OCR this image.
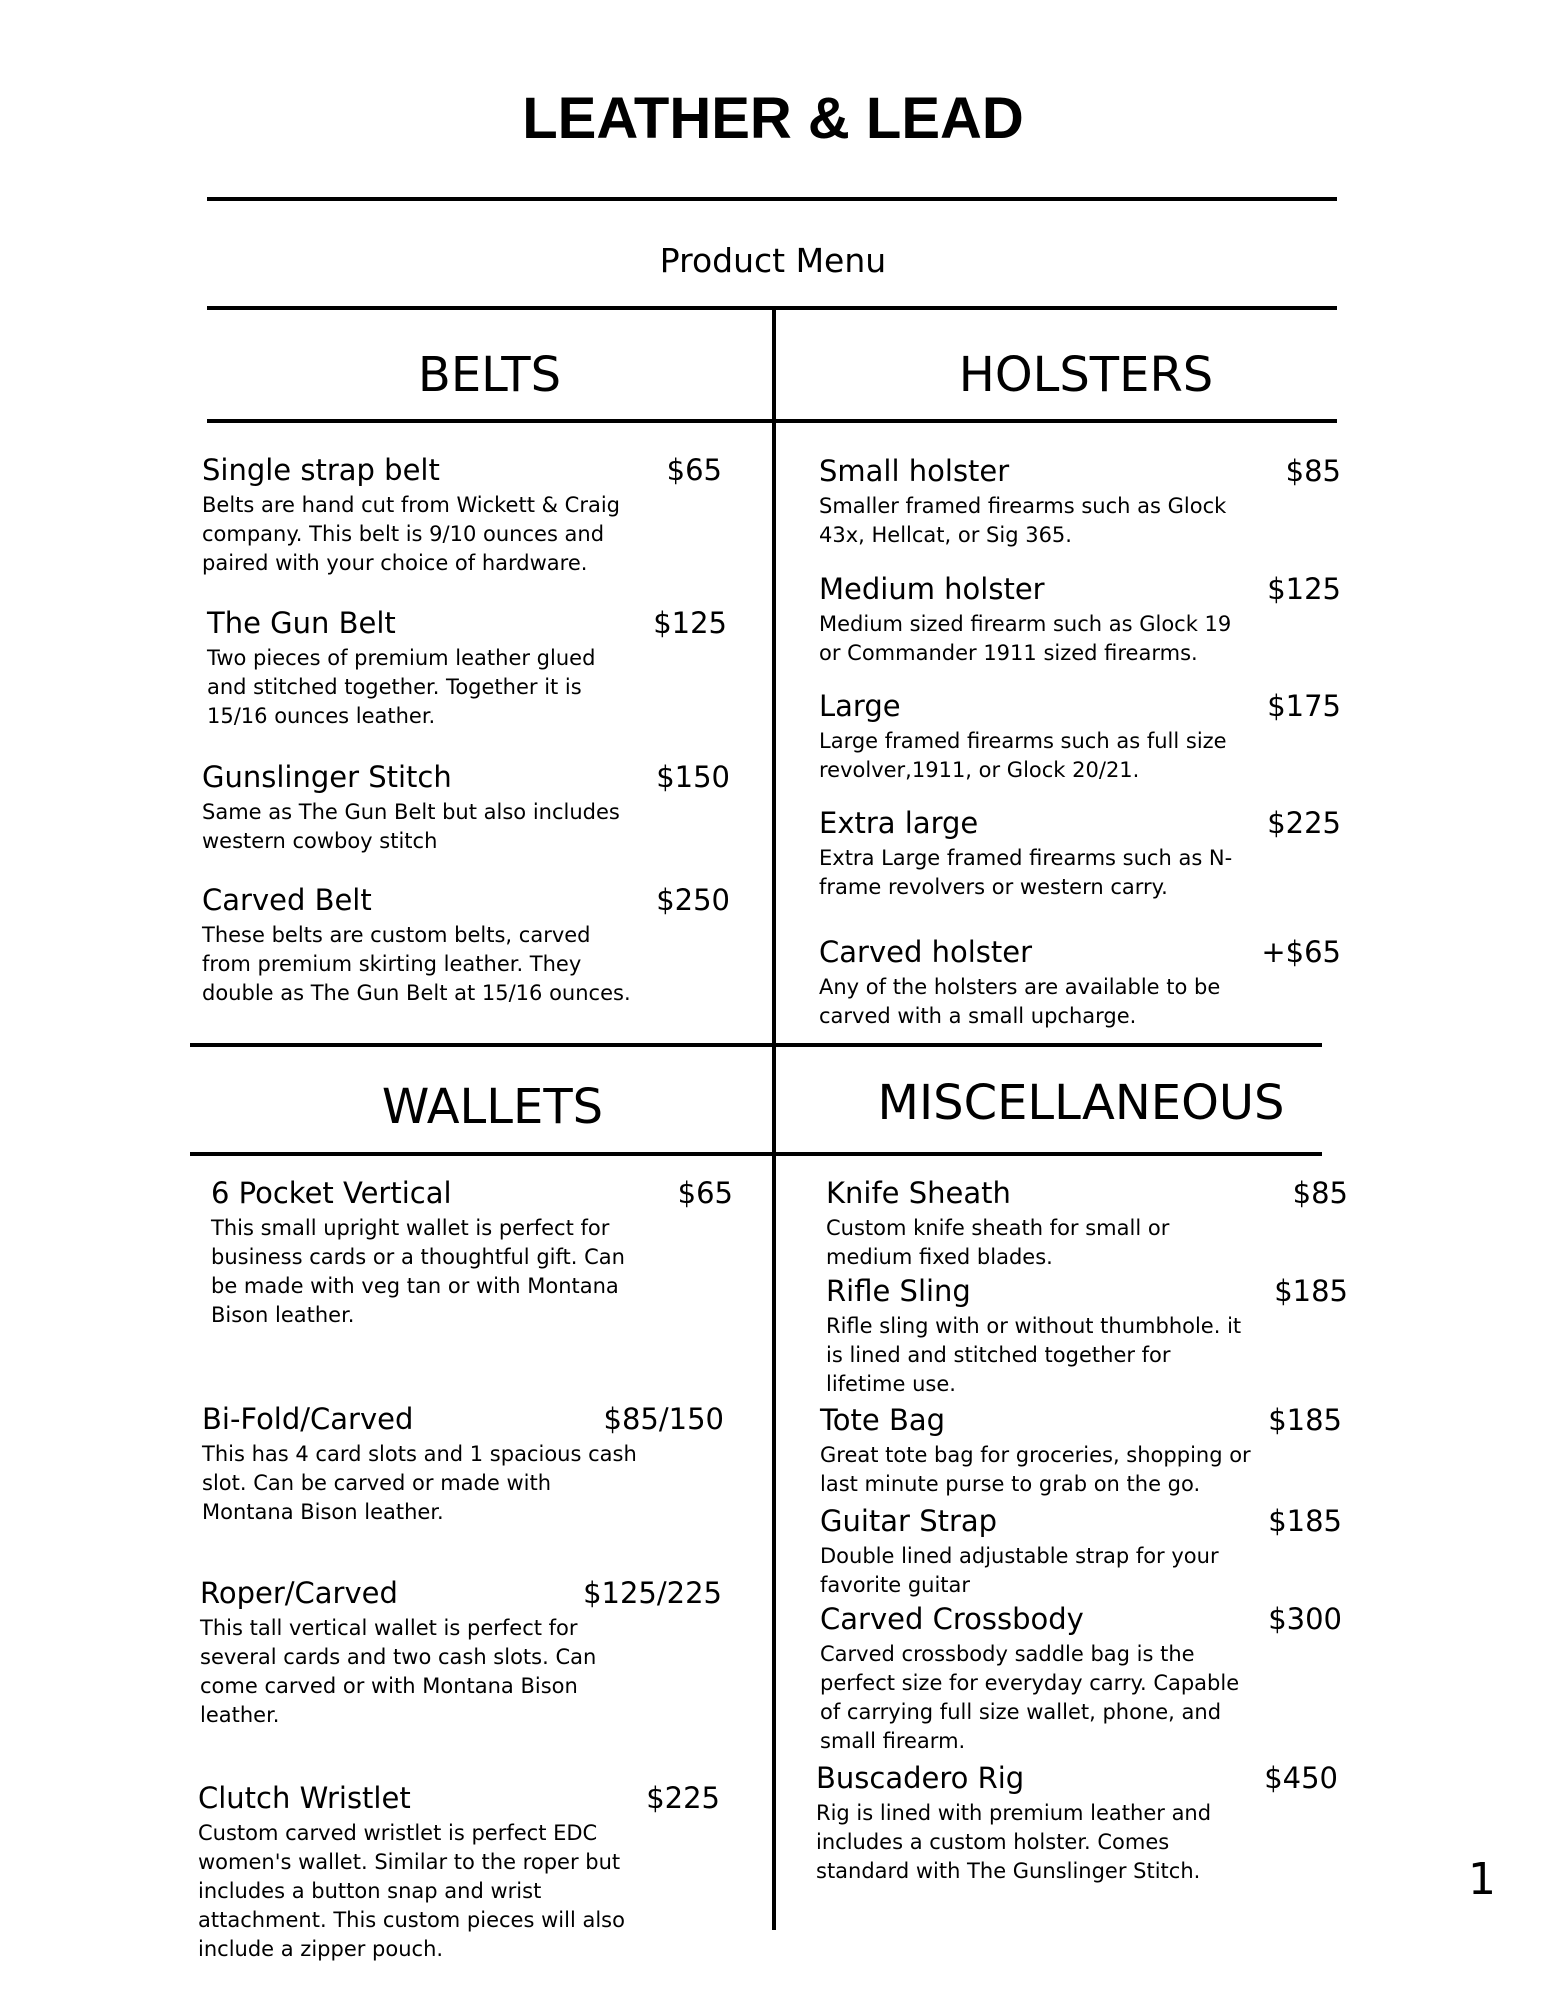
LEATHER & LEAD
Product Menu
BELTS	HOLSTERS
Single strap belt	$65
Belts are hand cut from Wickett & Craig
company. This belt is 9/10 ounces and
paired with your choice of hardware.
The Gun Belt	$125
Two pieces of premium leather glued
and stitched together. Together it is
15/16 ounces leather.
Gunslinger Stitch	$150
Same as The Gun Belt but also includes
western cowboy stitch
Carved Belt	$250
These belts are custom belts, carved
from premium skirting leather. They
double as The Gun Belt at 15/16 ounces.
Small holster	$85
Smaller framed firearms such as Glock
43x, Hellcat, or Sig 365.
Medium holster	$125
Medium sized firearm such as Glock 19
or Commander 1911 sized firearms.
Large	$175
Large framed firearms such as full size
revolver,1911, or Glock 20/21.
Extra large	$225
Extra Large framed firearms such as N-
frame revolvers or western carry.
Carved holster	+$65
Any of the holsters are available to be
carved with a small upcharge.
WALLETS	MISCELLANEOUS
6 Pocket Vertical	$65
This small upright wallet is perfect for
business cards or a thoughtful gift. Can
be made with veg tan or with Montana
Bison leather.
Bi-Fold/Carved	$85/150
This has 4 card slots and 1 spacious cash
slot. Can be carved or made with
Montana Bison leather.
Roper/Carved	$125/225
This tall vertical wallet is perfect for
several cards and two cash slots. Can
come carved or with Montana Bison
leather.
Clutch Wristlet	$225
Custom carved wristlet is perfect EDC
women's wallet. Similar to the roper but
includes a button snap and wrist
attachment. This custom pieces will also
include a zipper pouch.
Knife Sheath	$85
Custom knife sheath for small or
medium fixed blades.
Rifle Sling	$185
Rifle sling with or without thumbhole. it
is lined and stitched together for
lifetime use.
Tote Bag	$185
Great tote bag for groceries, shopping or
last minute purse to grab on the go.
Guitar Strap	$185
Double lined adjustable strap for your
favorite guitar
Carved Crossbody	$300
Carved crossbody saddle bag is the
perfect size for everyday carry. Capable
of carrying full size wallet, phone, and
small firearm.
Buscadero Rig	$450
Rig is lined with premium leather and
includes a custom holster. Comes
standard with The Gunslinger Stitch.	1
